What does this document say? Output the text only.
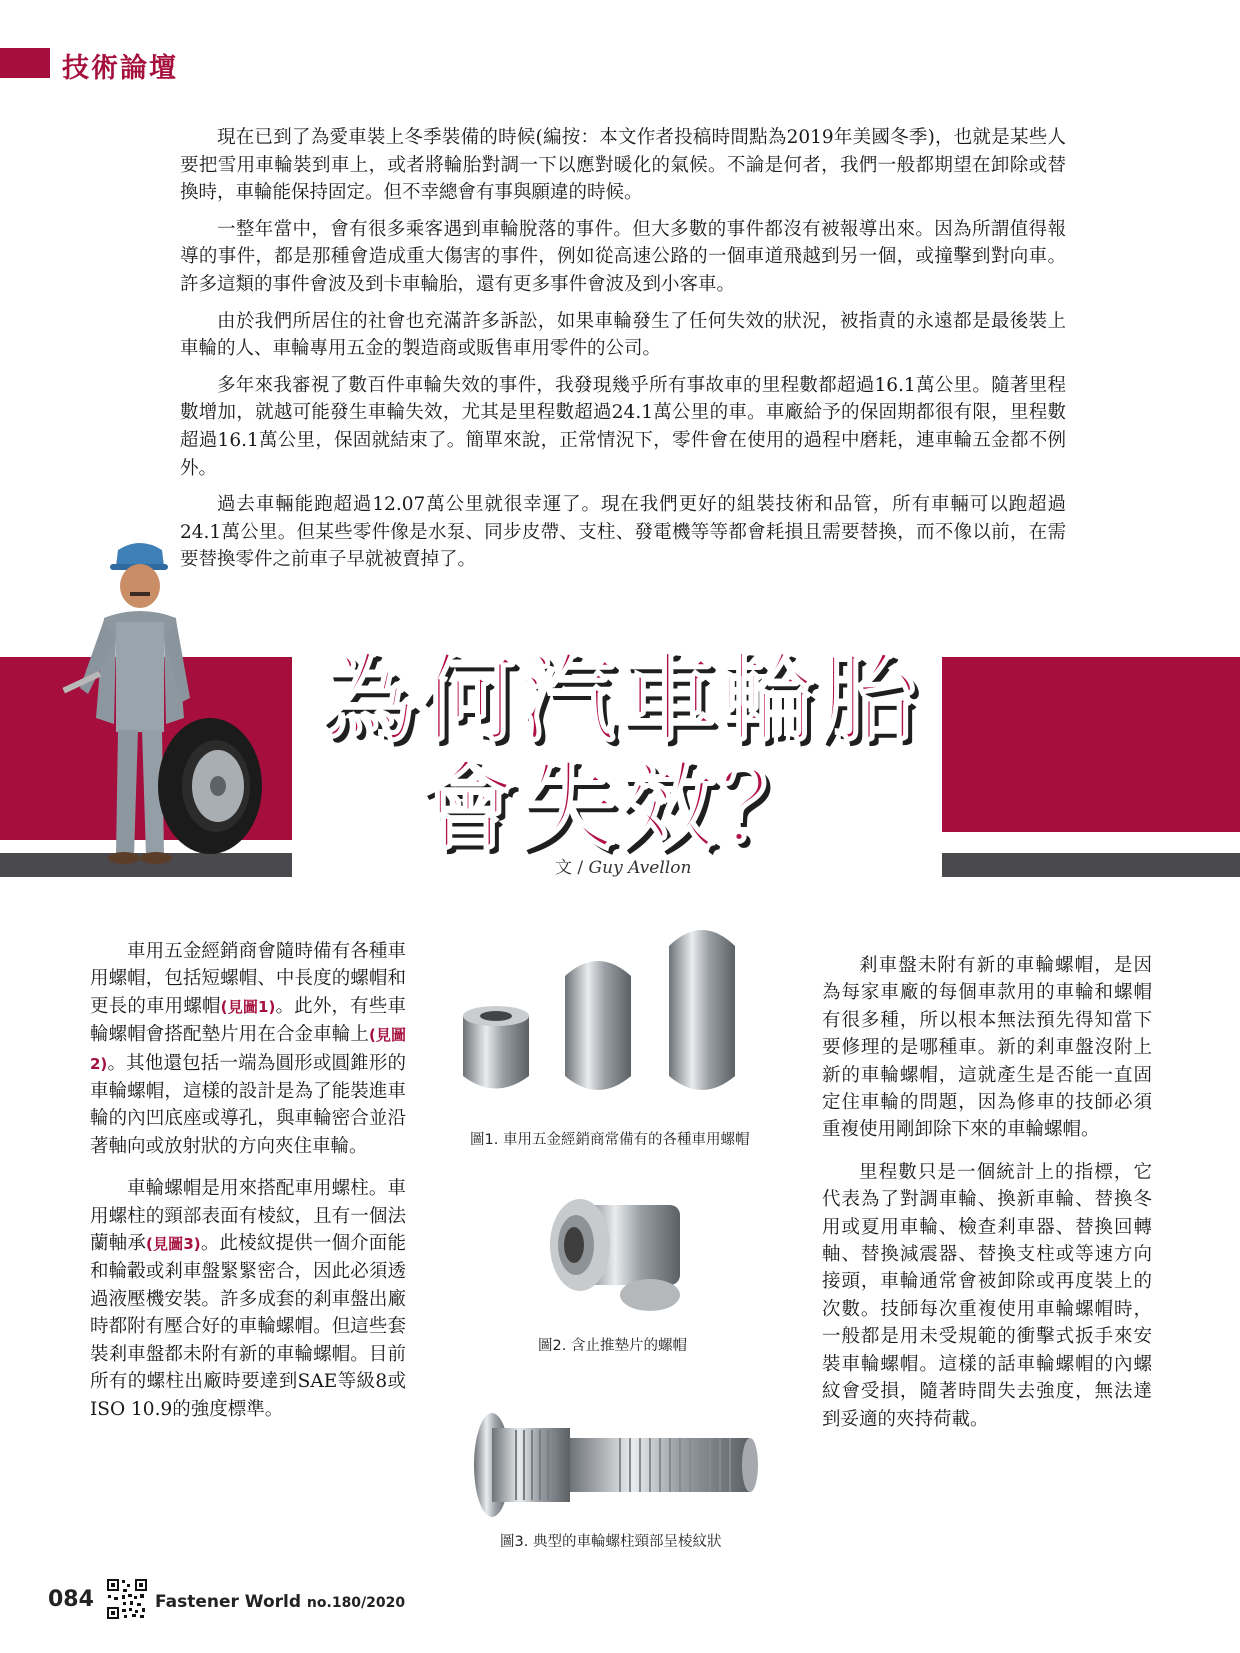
技術論壇

現在已到了為愛車裝上冬季裝備的時候(編按：本文作者投稿時間點為2019年美國冬季)，也就是某些人要把雪用車輪裝到車上，或者將輪胎對調一下以應對暖化的氣候。不論是何者，我們一般都期望在卸除或替換時，車輪能保持固定。但不幸總會有事與願違的時候。

一整年當中，會有很多乘客遇到車輪脫落的事件。但大多數的事件都沒有被報導出來。因為所謂值得報導的事件，都是那種會造成重大傷害的事件，例如從高速公路的一個車道飛越到另一個，或撞擊到對向車。許多這類的事件會波及到卡車輪胎，還有更多事件會波及到小客車。

由於我們所居住的社會也充滿許多訴訟，如果車輪發生了任何失效的狀況，被指責的永遠都是最後裝上車輪的人、車輪專用五金的製造商或販售車用零件的公司。

多年來我審視了數百件車輪失效的事件，我發現幾乎所有事故車的里程數都超過16.1萬公里。隨著里程數增加，就越可能發生車輪失效，尤其是里程數超過24.1萬公里的車。車廠給予的保固期都很有限，里程數超過16.1萬公里，保固就結束了。簡單來說，正常情況下，零件會在使用的過程中磨耗，連車輪五金都不例外。

過去車輛能跑超過12.07萬公里就很幸運了。現在我們更好的組裝技術和品管，所有車輛可以跑超過24.1萬公里。但某些零件像是水泵、同步皮帶、支柱、發電機等等都會耗損且需要替換，而不像以前，在需要替換零件之前車子早就被賣掉了。

為何汽車輪胎
會失效？
文 / Guy Avellon

車用五金經銷商會隨時備有各種車用螺帽，包括短螺帽、中長度的螺帽和更長的車用螺帽(見圖1)。此外，有些車輪螺帽會搭配墊片用在合金車輪上(見圖2)。其他還包括一端為圓形或圓錐形的車輪螺帽，這樣的設計是為了能裝進車輪的內凹底座或導孔，與車輪密合並沿著軸向或放射狀的方向夾住車輪。

車輪螺帽是用來搭配車用螺柱。車用螺柱的頸部表面有棱紋，且有一個法蘭軸承(見圖3)。此棱紋提供一個介面能和輪轂或剎車盤緊緊密合，因此必須透過液壓機安裝。許多成套的剎車盤出廠時都附有壓合好的車輪螺帽。但這些套裝剎車盤都未附有新的車輪螺帽。目前所有的螺柱出廠時要達到SAE等級8或ISO 10.9的強度標準。

圖1. 車用五金經銷商常備有的各種車用螺帽
圖2. 含止推墊片的螺帽
圖3. 典型的車輪螺柱頸部呈棱紋狀

剎車盤未附有新的車輪螺帽，是因為每家車廠的每個車款用的車輪和螺帽有很多種，所以根本無法預先得知當下要修理的是哪種車。新的剎車盤沒附上新的車輪螺帽，這就產生是否能一直固定住車輪的問題，因為修車的技師必須重複使用剛卸除下來的車輪螺帽。

里程數只是一個統計上的指標，它代表為了對調車輪、換新車輪、替換冬用或夏用車輪、檢查剎車器、替換回轉軸、替換減震器、替換支柱或等速方向接頭，車輪通常會被卸除或再度裝上的次數。技師每次重複使用車輪螺帽時，一般都是用未受規範的衝擊式扳手來安裝車輪螺帽。這樣的話車輪螺帽的內螺紋會受損，隨著時間失去強度，無法達到妥適的夾持荷載。

084	Fastener World no.180/2020
